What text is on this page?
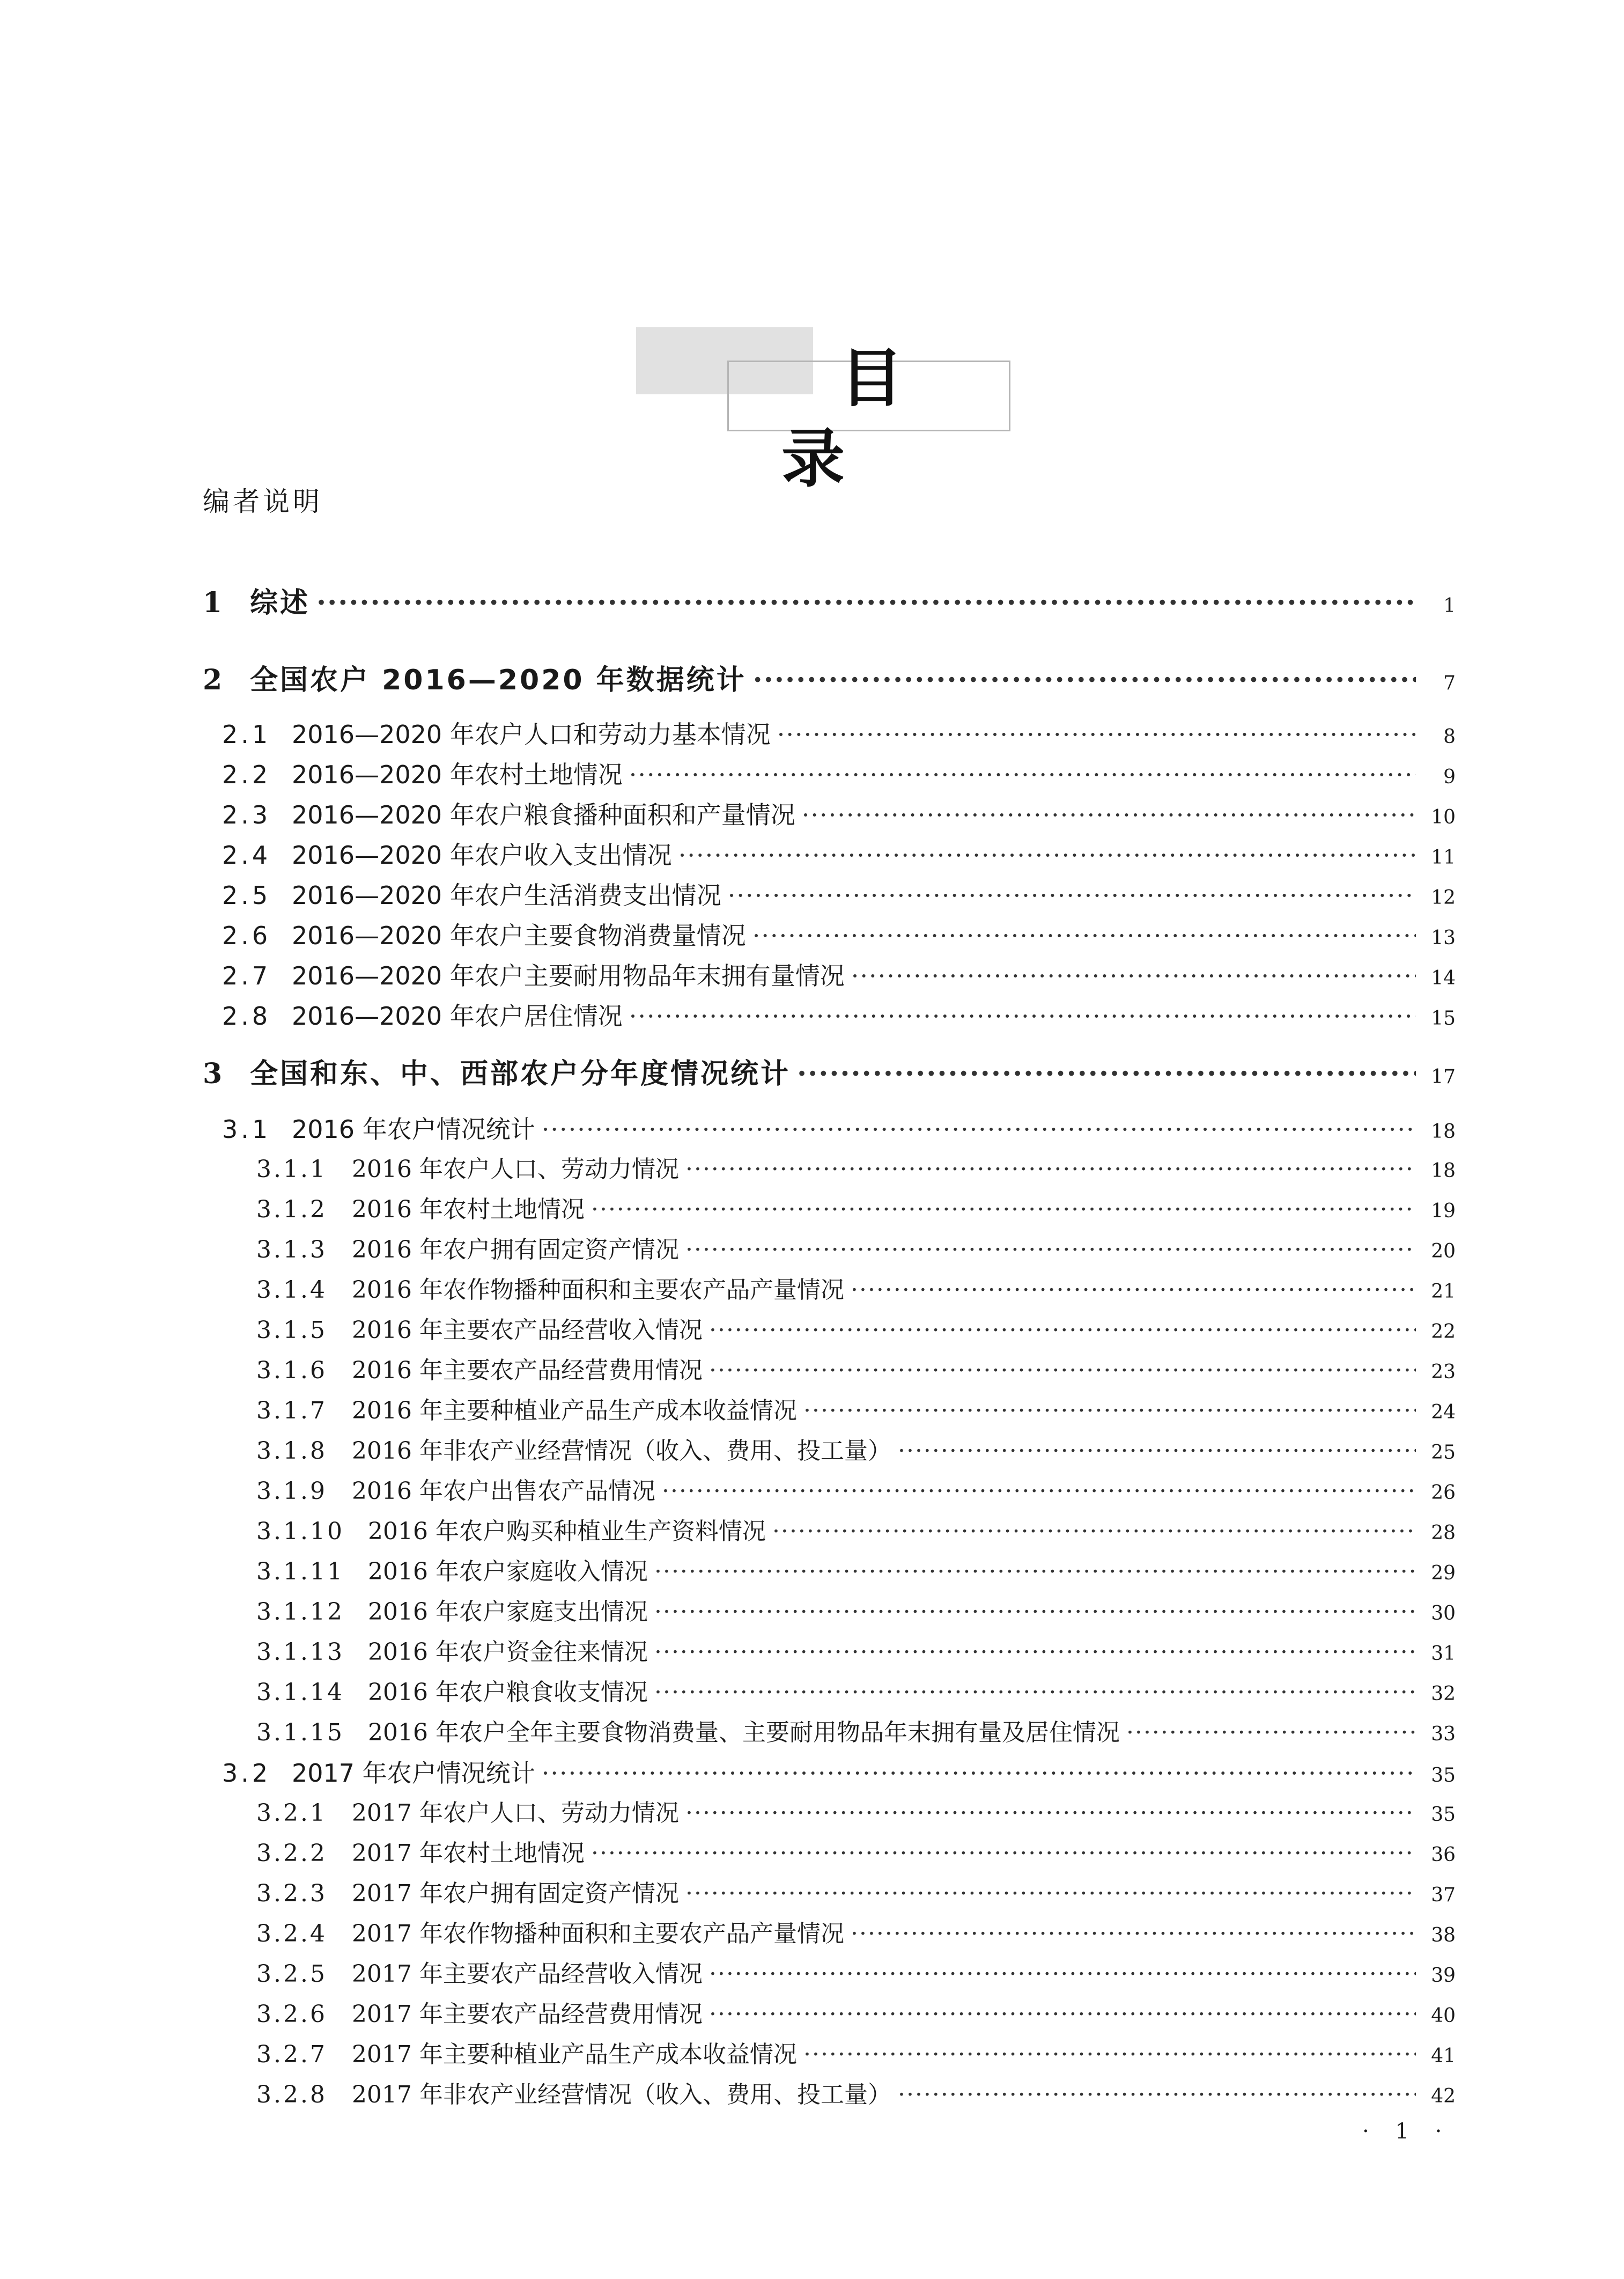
目录
编者说明
1 综述 ·····	1
2 全国农户 2016—2020 年数据统计 ·····	7
2.1 2016—2020 年农户人口和劳动力基本情况 ·····	8
2.2 2016—2020 年农村土地情况 ·····	9
2.3 2016—2020 年农户粮食播种面积和产量情况 ·····	10
2.4 2016—2020 年农户收入支出情况 ·····	11
2.5 2016—2020 年农户生活消费支出情况 ·····	12
2.6 2016—2020 年农户主要食物消费量情况 ·····	13
2.7 2016—2020 年农户主要耐用物品年末拥有量情况 ·····	14
2.8 2016—2020 年农户居住情况 ·····	15
3 全国和东、中、西部农户分年度情况统计 ·····	17
3.1 2016 年农户情况统计 ·····	18
3.1.1	2016 年农户人口、劳动力情况 ·····	18
3.1.2	2016 年农村土地情况 ·····	19
3.1.3	2016 年农户拥有固定资产情况 ·····	20
3.1.4	2016 年农作物播种面积和主要农产品产量情况 ·····	21
3.1.5	2016 年主要农产品经营收入情况 ·····	22
3.1.6	2016 年主要农产品经营费用情况 ·····	23
3.1.7	2016 年主要种植业产品生产成本收益情况 ·····	24
3.1.8	2016 年非农产业经营情况（收入、费用、投工量） ·····	25
3.1.9	2016 年农户出售农产品情况 ·····	26
3.1.10	2016 年农户购买种植业生产资料情况 ·····	28
3.1.11	2016 年农户家庭收入情况 ·····	29
3.1.12	2016 年农户家庭支出情况 ·····	30
3.1.13	2016 年农户资金往来情况 ·····	31
3.1.14	2016 年农户粮食收支情况 ·····	32
3.1.15	2016 年农户全年主要食物消费量、主要耐用物品年末拥有量及居住情况 ·····	33
3.2 2017 年农户情况统计 ·····	35
3.2.1	2017 年农户人口、劳动力情况 ·····	35
3.2.2	2017 年农村土地情况 ·····	36
3.2.3	2017 年农户拥有固定资产情况 ·····	37
3.2.4	2017 年农作物播种面积和主要农产品产量情况 ·····	38
3.2.5	2017 年主要农产品经营收入情况 ·····	39
3.2.6	2017 年主要农产品经营费用情况 ·····	40
3.2.7	2017 年主要种植业产品生产成本收益情况 ·····	41
3.2.8	2017 年非农产业经营情况（收入、费用、投工量） ·····	42
· 1 ·
